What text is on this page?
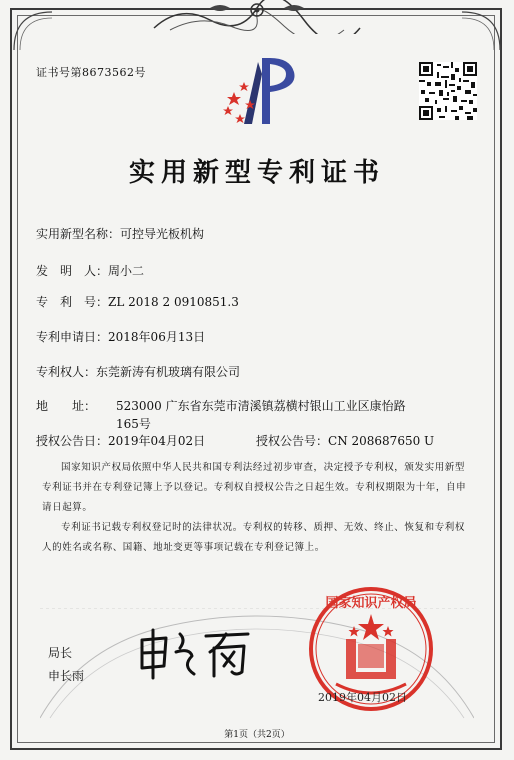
证书号第8673562号
实用新型专利证书
实用新型名称：可控导光板机构
发　明　人：周小二
专　利　号：ZL 2018 2 0910851.3
专利申请日：2018年06月13日
专利权人：东莞新涛有机玻璃有限公司
地　　址： 523000 广东省东莞市清溪镇荔横村银山工业区康怡路165号
授权公告日：2019年04月02日	授权公告号：CN 208687650 U
国家知识产权局依照中华人民共和国专利法经过初步审查，决定授予专利权，颁发实用新型专利证书并在专利登记簿上予以登记。专利权自授权公告之日起生效。专利权期限为十年，自申请日起算。
专利证书记载专利权登记时的法律状况。专利权的转移、质押、无效、终止、恢复和专利权人的姓名或名称、国籍、地址变更等事项记载在专利登记簿上。
局长
申长雨
国家知识产权局
2019年04月02日
第1页（共2页）
